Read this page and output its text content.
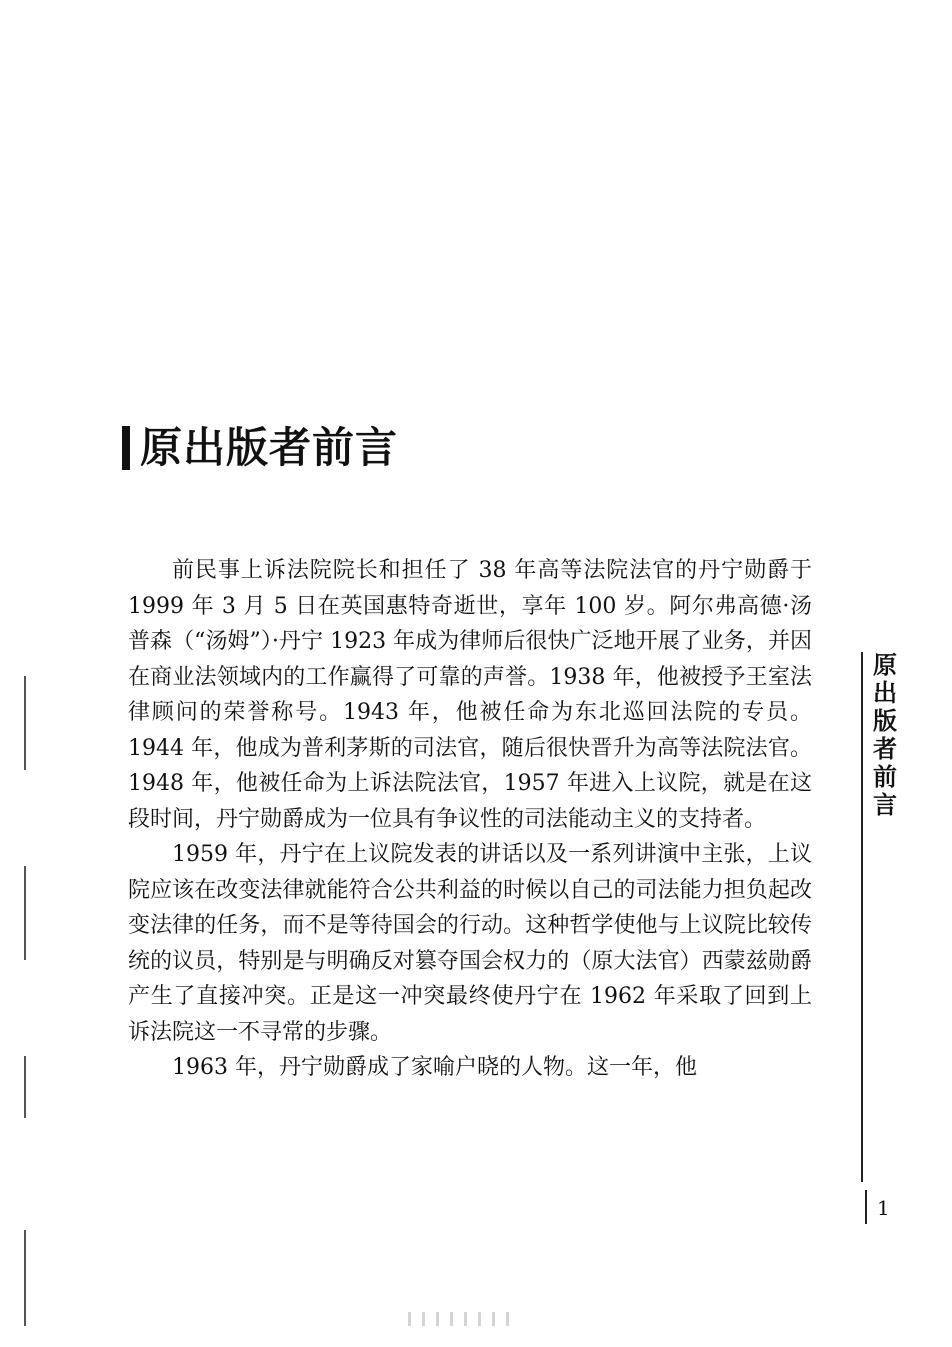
原出版者前言

前民事上诉法院院长和担任了 38 年高等法院法官的丹宁勋爵于 1999 年 3 月 5 日在英国惠特奇逝世，享年 100 岁。阿尔弗高德·汤普森（“汤姆”）·丹宁 1923 年成为律师后很快广泛地开展了业务，并因在商业法领域内的工作赢得了可靠的声誉。1938 年，他被授予王室法律顾问的荣誉称号。1943 年，他被任命为东北巡回法院的专员。1944 年，他成为普利茅斯的司法官，随后很快晋升为高等法院法官。1948 年，他被任命为上诉法院法官，1957 年进入上议院，就是在这段时间，丹宁勋爵成为一位具有争议性的司法能动主义的支持者。

1959 年，丹宁在上议院发表的讲话以及一系列讲演中主张，上议院应该在改变法律就能符合公共利益的时候以自己的司法能力担负起改变法律的任务，而不是等待国会的行动。这种哲学使他与上议院比较传统的议员，特别是与明确反对篡夺国会权力的（原大法官）西蒙兹勋爵产生了直接冲突。正是这一冲突最终使丹宁在 1962 年采取了回到上诉法院这一不寻常的步骤。

1963 年，丹宁勋爵成了家喻户晓的人物。这一年，他

原出版者前言
1
